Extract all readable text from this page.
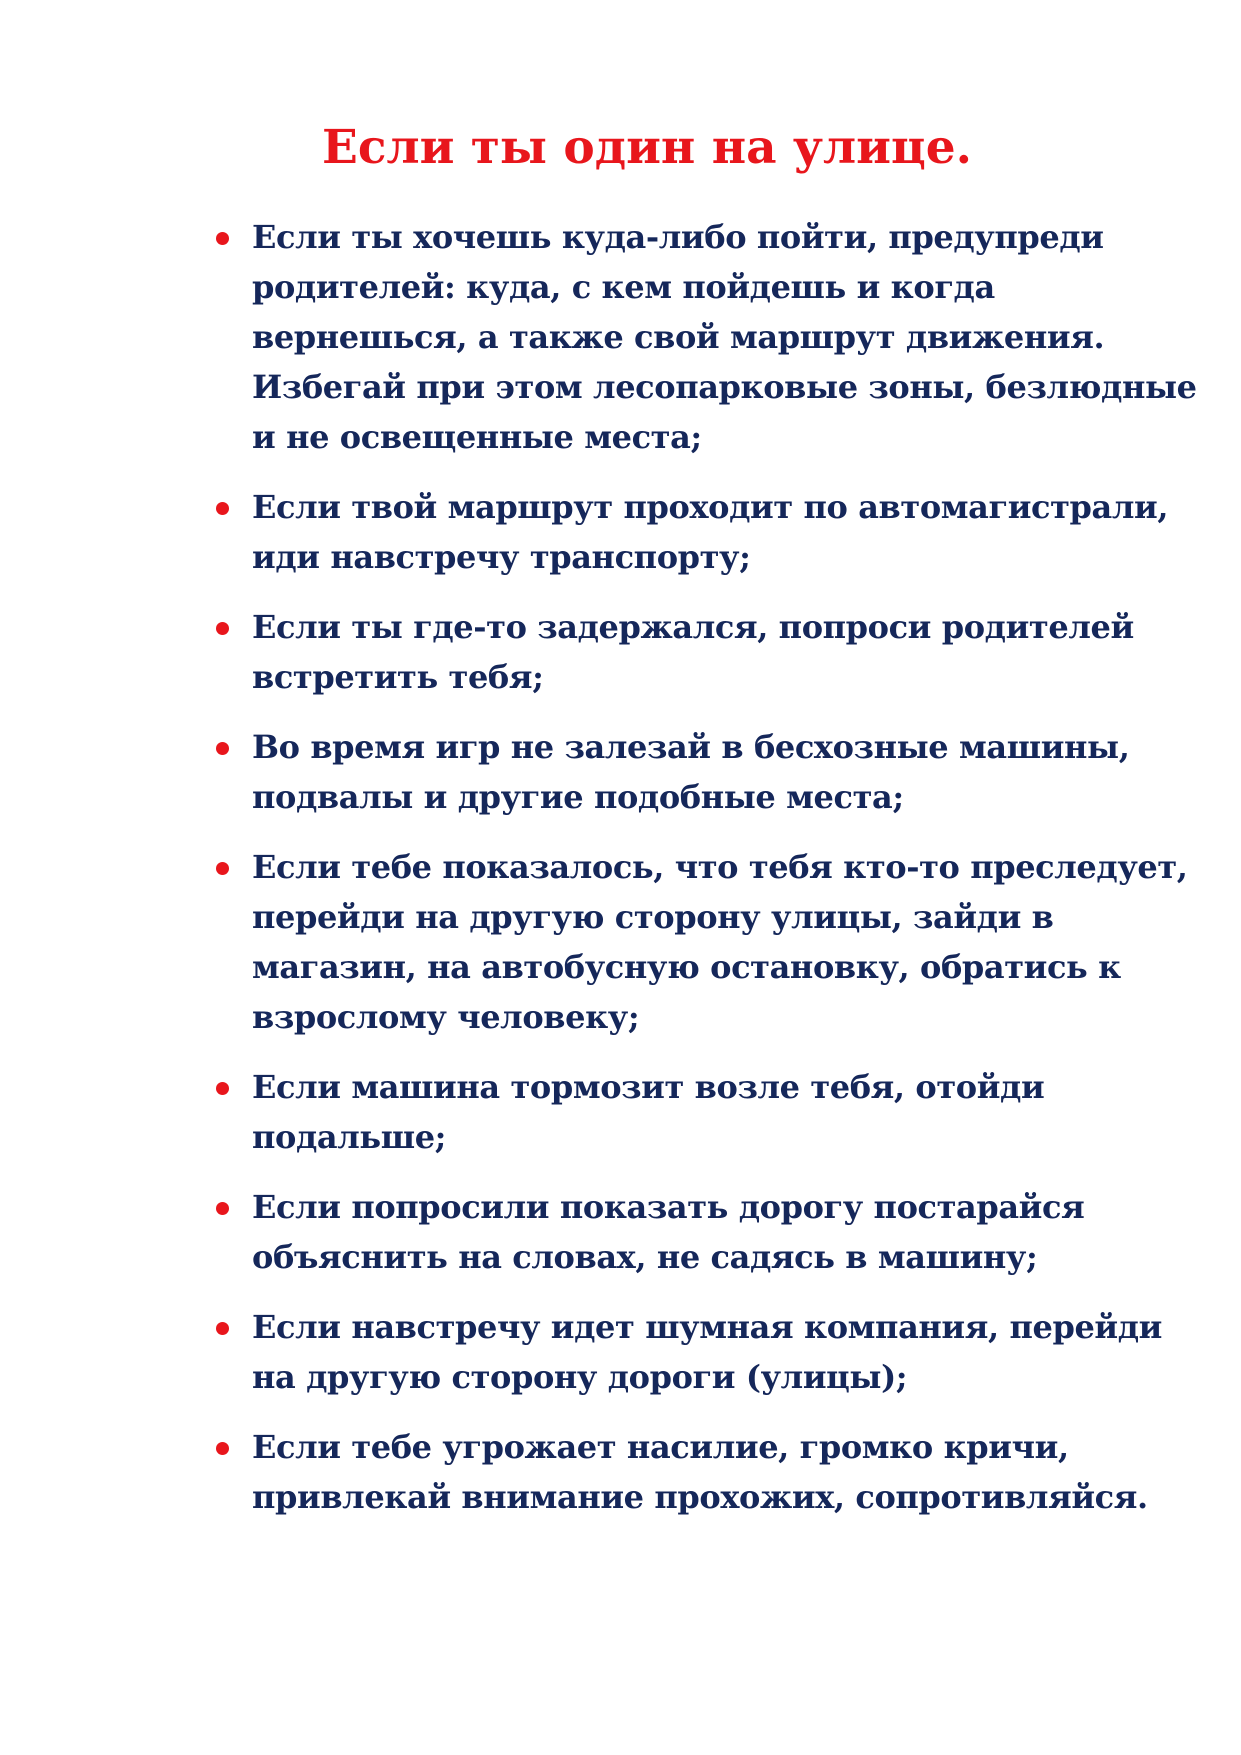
Если ты один на улице.
Если ты хочешь куда-либо пойти, предупреди родителей: куда, с кем пойдешь и когда вернешься, а также свой маршрут движения. Избегай при этом лесопарковые зоны, безлюдные и не освещенные места;
Если твой маршрут проходит по автомагистрали, иди навстречу транспорту;
Если ты где-то задержался, попроси родителей встретить тебя;
Во время игр не залезай в бесхозные машины, подвалы и другие подобные места;
Если тебе показалось, что тебя кто-то преследует, перейди на другую сторону улицы, зайди в магазин, на автобусную остановку, обратись к взрослому человеку;
Если машина тормозит возле тебя, отойди подальше;
Если попросили показать дорогу постарайся объяснить на словах, не садясь в машину;
Если навстречу идет шумная компания, перейди на другую сторону дороги (улицы);
Если тебе угрожает насилие, громко кричи, привлекай внимание прохожих, сопротивляйся.
